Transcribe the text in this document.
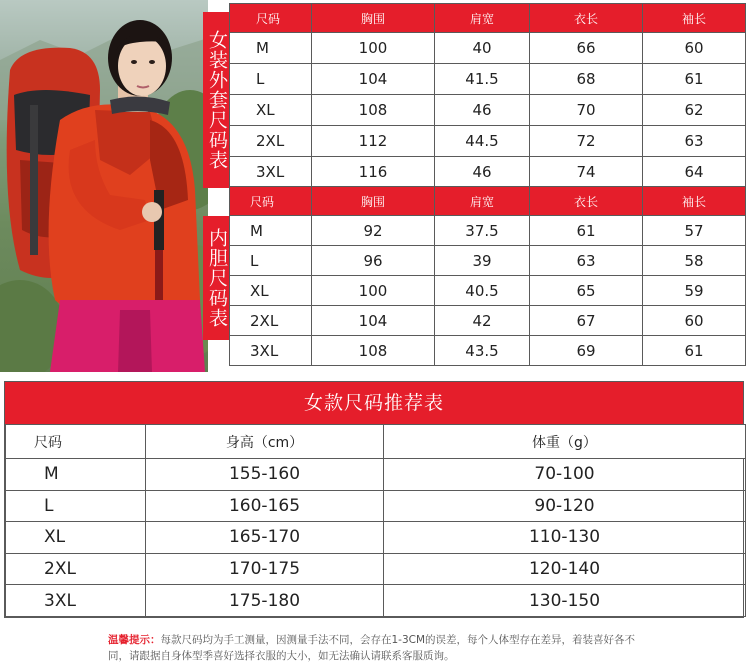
女装外套尺码表
内胆尺码表
尺码	胸围	肩宽	衣长	袖长
M	100	40	66	60
L	104	41.5	68	61
XL	108	46	70	62
2XL	112	44.5	72	63
3XL	116	46	74	64
尺码	胸围	肩宽	衣长	袖长
M	92	37.5	61	57
L	96	39	63	58
XL	100	40.5	65	59
2XL	104	42	67	60
3XL	108	43.5	69	61
女款尺码推荐表
尺码	身高（cm）	体重（g）
M	155-160	70-100
L	160-165	90-120
XL	165-170	110-130
2XL	170-175	120-140
3XL	175-180	130-150
温馨提示：每款尺码均为手工测量，因测量手法不同，会存在1-3CM的误差，每个人体型存在差异，着装喜好各不同，请跟据自身体型季喜好选择衣服的大小，如无法确认请联系客服质询。
